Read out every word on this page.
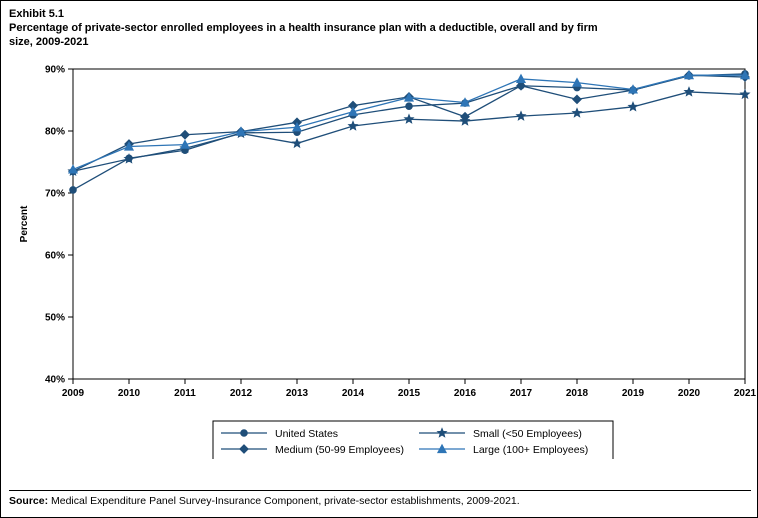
Exhibit 5.1
Percentage of private-sector enrolled employees in a health insurance plan with a deductible, overall and by firm
size, 2009-2021
40%
50%
60%
70%
80%
90%
Percent
2009	2010	2011	2012	2013	2014	2015	2016	2017	2018	2019	2020	2021
United States	Small (<50 Employees)
Medium (50-99 Employees)	Large (100+ Employees)
Source: Medical Expenditure Panel Survey-Insurance Component, private-sector establishments, 2009-2021.
